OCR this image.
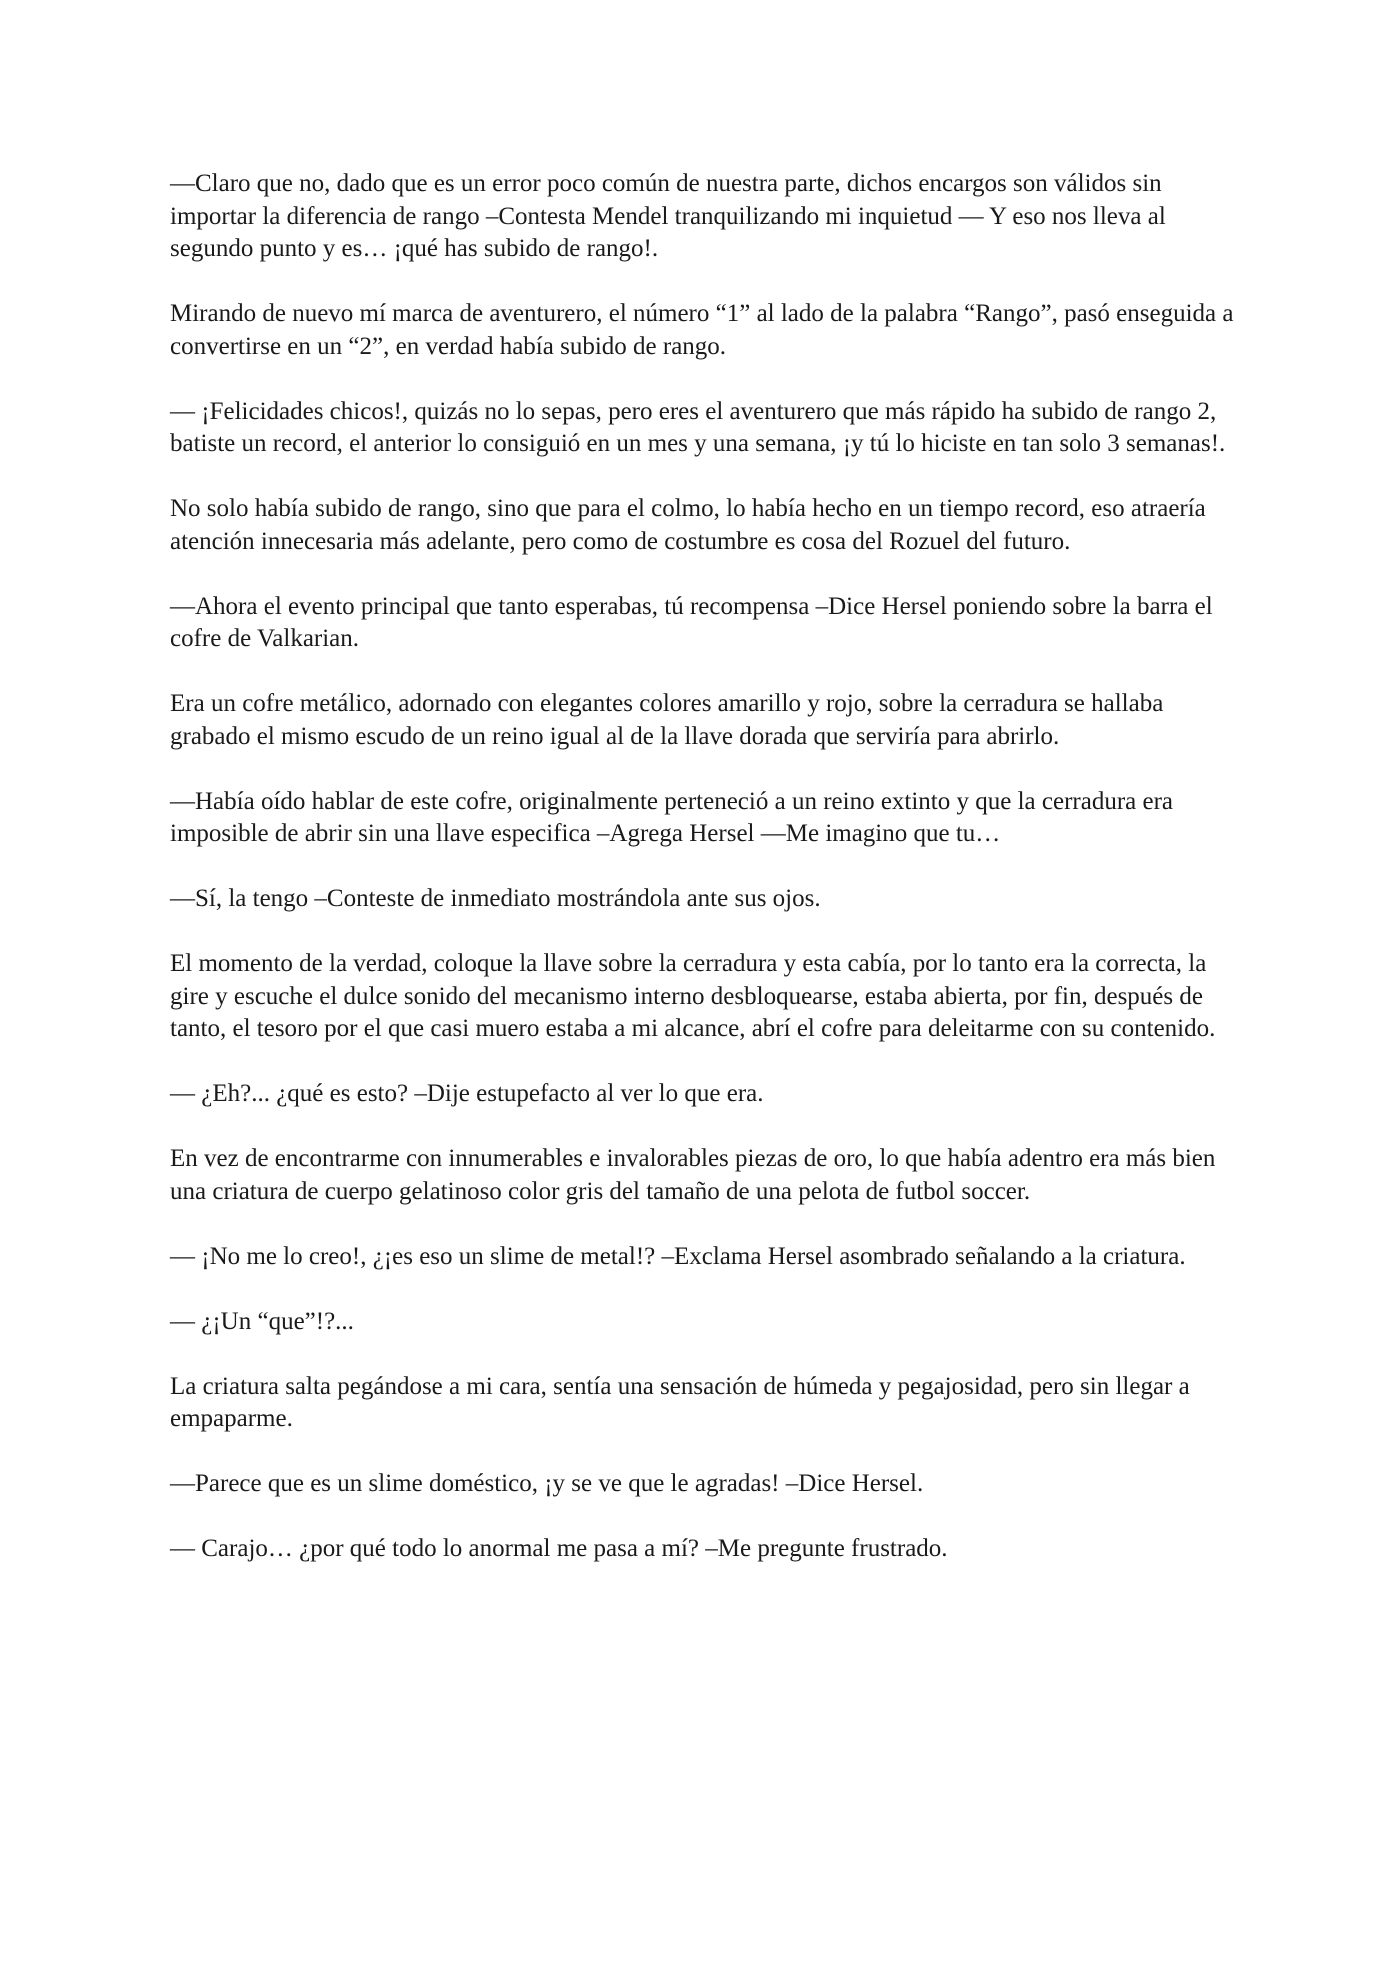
—Claro que no, dado que es un error poco común de nuestra parte, dichos encargos son válidos sin importar la diferencia de rango –Contesta Mendel tranquilizando mi inquietud — Y eso nos lleva al segundo punto y es… ¡qué has subido de rango!.

Mirando de nuevo mí marca de aventurero, el número “1” al lado de la palabra “Rango”, pasó enseguida a convertirse en un “2”, en verdad había subido de rango.

— ¡Felicidades chicos!, quizás no lo sepas, pero eres el aventurero que más rápido ha subido de rango 2, batiste un record, el anterior lo consiguió en un mes y una semana, ¡y tú lo hiciste en tan solo 3 semanas!.

No solo había subido de rango, sino que para el colmo, lo había hecho en un tiempo record, eso atraería atención innecesaria más adelante, pero como de costumbre es cosa del Rozuel del futuro.

—Ahora el evento principal que tanto esperabas, tú recompensa –Dice Hersel poniendo sobre la barra el cofre de Valkarian.

Era un cofre metálico, adornado con elegantes colores amarillo y rojo, sobre la cerradura se hallaba grabado el mismo escudo de un reino igual al de la llave dorada que serviría para abrirlo.

—Había oído hablar de este cofre, originalmente perteneció a un reino extinto y que la cerradura era imposible de abrir sin una llave especifica –Agrega Hersel —Me imagino que tu…

—Sí, la tengo –Conteste de inmediato mostrándola ante sus ojos.

El momento de la verdad, coloque la llave sobre la cerradura y esta cabía, por lo tanto era la correcta, la gire y escuche el dulce sonido del mecanismo interno desbloquearse, estaba abierta, por fin, después de tanto, el tesoro por el que casi muero estaba a mi alcance, abrí el cofre para deleitarme con su contenido.

— ¿Eh?... ¿qué es esto? –Dije estupefacto al ver lo que era.

En vez de encontrarme con innumerables e invalorables piezas de oro, lo que había adentro era más bien una criatura de cuerpo gelatinoso color gris del tamaño de una pelota de futbol soccer.

— ¡No me lo creo!, ¿¡es eso un slime de metal!? –Exclama Hersel asombrado señalando a la criatura.

— ¿¡Un “que”!?...

La criatura salta pegándose a mi cara, sentía una sensación de húmeda y pegajosidad, pero sin llegar a empaparme.

—Parece que es un slime doméstico, ¡y se ve que le agradas! –Dice Hersel.

— Carajo… ¿por qué todo lo anormal me pasa a mí? –Me pregunte frustrado.
